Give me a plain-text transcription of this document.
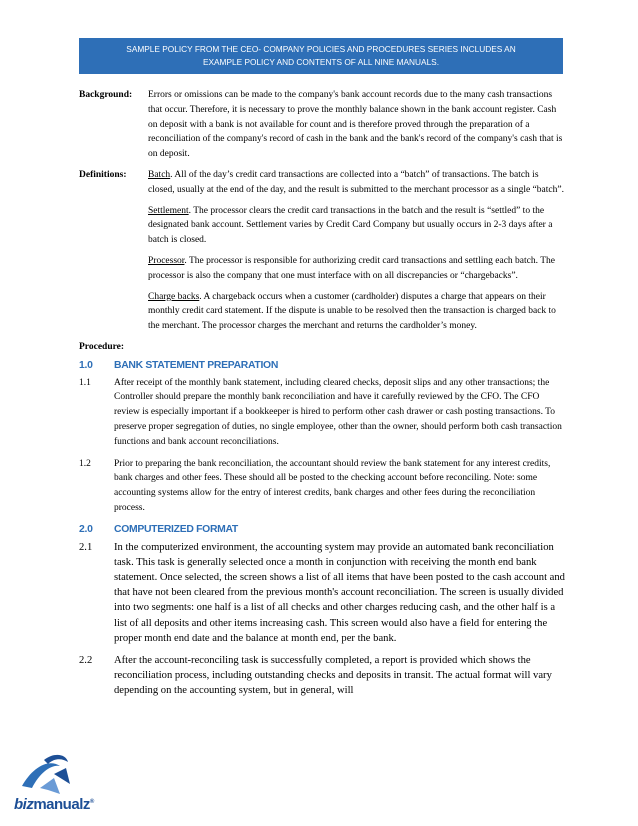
SAMPLE POLICY FROM THE CEO- COMPANY POLICIES AND PROCEDURES SERIES INCLUDES AN
EXAMPLE POLICY AND CONTENTS OF ALL NINE MANUALS.
Background:	Errors or omissions can be made to the company's bank account records due to the many cash transactions that occur. Therefore, it is necessary to prove the monthly balance shown in the bank account register. Cash on deposit with a bank is not available for count and is therefore proved through the preparation of a reconciliation of the company's record of cash in the bank and the bank's record of the company's cash that is on deposit.
Definitions:	Batch. All of the day’s credit card transactions are collected into a “batch” of transactions. The batch is closed, usually at the end of the day, and the result is submitted to the merchant processor as a single “batch”.
Settlement. The processor clears the credit card transactions in the batch and the result is “settled” to the designated bank account. Settlement varies by Credit Card Company but usually occurs in 2-3 days after a batch is closed.
Processor. The processor is responsible for authorizing credit card transactions and settling each batch. The processor is also the company that one must interface with on all discrepancies or “chargebacks”.
Charge backs. A chargeback occurs when a customer (cardholder) disputes a charge that appears on their monthly credit card statement. If the dispute is unable to be resolved then the transaction is charged back to the merchant. The processor charges the merchant and returns the cardholder’s money.
Procedure:
1.0	BANK STATEMENT PREPARATION
1.1	After receipt of the monthly bank statement, including cleared checks, deposit slips and any other transactions; the Controller should prepare the monthly bank reconciliation and have it carefully reviewed by the CFO. The CFO review is especially important if a bookkeeper is hired to perform other cash drawer or cash posting transactions. To preserve proper segregation of duties, no single employee, other than the owner, should perform both cash transaction functions and bank account reconciliations.
1.2	Prior to preparing the bank reconciliation, the accountant should review the bank statement for any interest credits, bank charges and other fees. These should all be posted to the checking account before reconciling. Note: some accounting systems allow for the entry of interest credits, bank charges and other fees during the reconciliation process.
2.0	COMPUTERIZED FORMAT
2.1	In the computerized environment, the accounting system may provide an automated bank reconciliation task. This task is generally selected once a month in conjunction with receiving the month end bank statement. Once selected, the screen shows a list of all items that have been posted to the cash account and that have not been cleared from the previous month's account reconciliation. The screen is usually divided into two segments: one half is a list of all checks and other charges reducing cash, and the other half is a list of all deposits and other items increasing cash. This screen would also have a field for entering the proper month end date and the balance at month end, per the bank.
2.2	After the account-reconciling task is successfully completed, a report is provided which shows the reconciliation process, including outstanding checks and deposits in transit. The actual format will vary depending on the accounting system, but in general, will
bizmanualz®
